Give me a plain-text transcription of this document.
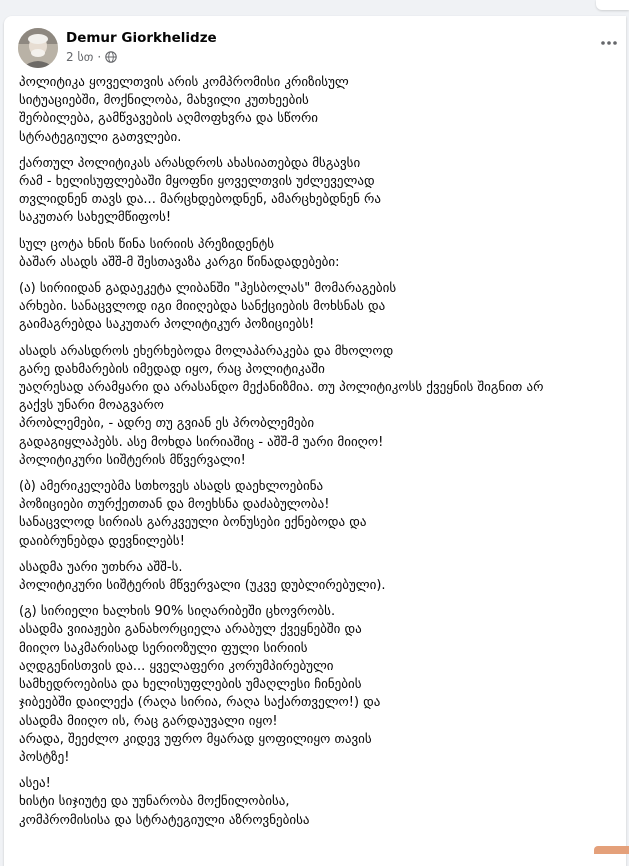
Demur Giorkhelidze
2 სთ ·

პოლიტიკა ყოველთვის არის კომპრომისი კრიზისულ
სიტუაციებში, მოქნილობა, მახვილი კუთხეების
შერბილება, გამწვავების აღმოფხვრა და სწორი
სტრატეგიული გათვლები.

ქართულ პოლიტიკას არასდროს ახასიათებდა მსგავსი
რამ - ხელისუფლებაში მყოფნი ყოველთვის უძლეველად
თვლიდნენ თავს და... მარცხდებოდნენ, ამარცხებდნენ რა
საკუთარ სახელმწიფოს!

სულ ცოტა ხნის წინა სირიის პრეზიდენტს
ბაშარ ასადს აშშ-მ შესთავაზა კარგი წინადადებები:

(ა) სირიიდან გადაეკეტა ლიბანში "ჰესბოლას" მომარაგების
არხები. სანაცვლოდ იგი მიიღებდა სანქციების მოხსნას და
გაიმაგრებდა საკუთარ პოლიტიკურ პოზიციებს!

ასადს არასდროს ეხერხებოდა მოლაპარაკება და მხოლოდ
გარე დახმარების იმედად იყო, რაც პოლიტიკაში
უაღრესად არამყარი და არასანდო მექანიზმია. თუ პოლიტიკოსს ქვეყნის შიგნით არ
გაქვს უნარი მოაგვარო
პრობლემები, - ადრე თუ გვიან ეს პრობლემები
გადაგიყლაპებს. ასე მოხდა სირიაშიც - აშშ-მ უარი მიიღო!
პოლიტიკური სიშტერის მწვერვალი!

(ბ) ამერიკელებმა სთხოვეს ასადს დაეხლოებინა
პოზიციები თურქეთთან და მოეხსნა დაძაბულობა!
სანაცვლოდ სირიას გარკვეული ბონუსები ექნებოდა და
დაიბრუნებდა დევნილებს!

ასადმა უარი უთხრა აშშ-ს.
პოლიტიკური სიშტერის მწვერვალი (უკვე დუბლირებული).

(გ) სირიელი ხალხის 90% სიღარიბეში ცხოვრობს.
ასადმა ვიიაჟები განახორციელა არაბულ ქვეყნებში და
მიიღო საკმარისად სერიოზული ფული სირიის
აღდგენისთვის და... ყველაფერი კორუმპირებული
სამხედროებისა და ხელისუფლების უმაღლესი ჩინების
ჯიბეებში დაილექა (რაღა სირია, რაღა საქართველო!) და
ასადმა მიიღო ის, რაც გარდაუვალი იყო!
არადა, შეეძლო კიდევ უფრო მყარად ყოფილიყო თავის
პოსტზე!

ასეა!
ხისტი სიჯიუტე და უუნარობა მოქნილობისა,
კომპრომისისა და სტრატეგიული აზროვნებისა
